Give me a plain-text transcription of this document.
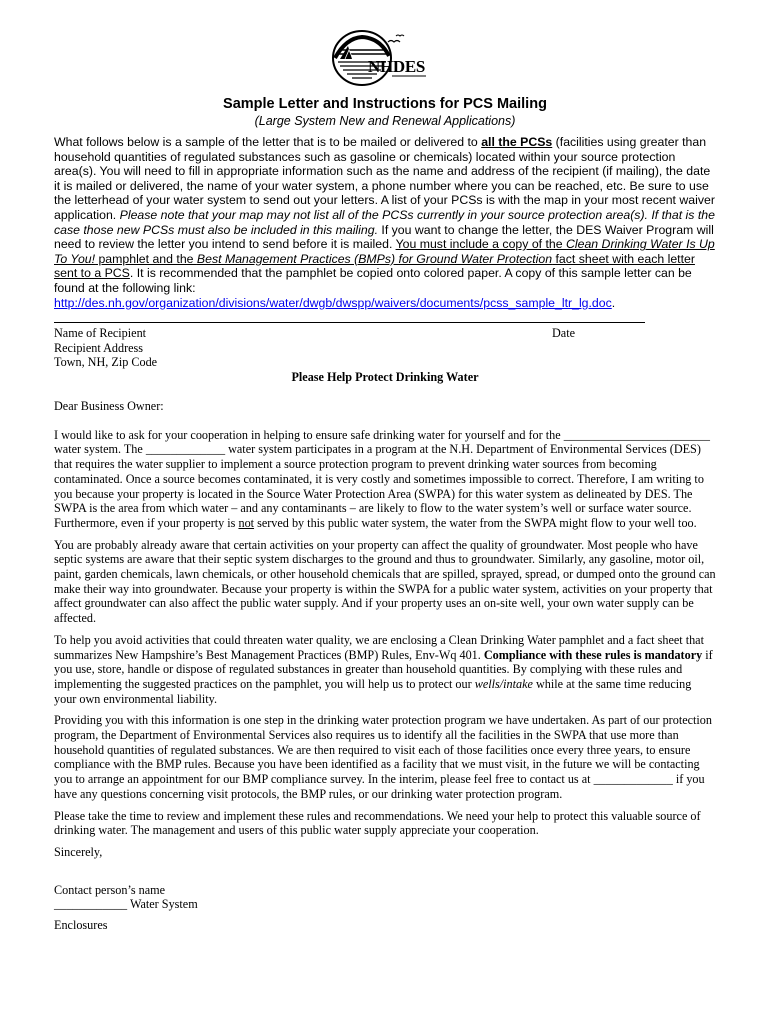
NHDES
Sample Letter and Instructions for PCS Mailing
(Large System New and Renewal Applications)

What follows below is a sample of the letter that is to be mailed or delivered to all the PCSs (facilities using greater than household quantities of regulated substances such as gasoline or chemicals) located within your source protection area(s). You will need to fill in appropriate information such as the name and address of the recipient (if mailing), the date it is mailed or delivered, the name of your water system, a phone number where you can be reached, etc. Be sure to use the letterhead of your water system to send out your letters. A list of your PCSs is with the map in your most recent waiver application. Please note that your map may not list all of the PCSs currently in your source protection area(s). If that is the case those new PCSs must also be included in this mailing. If you want to change the letter, the DES Waiver Program will need to review the letter you intend to send before it is mailed. You must include a copy of the Clean Drinking Water Is Up To You! pamphlet and the Best Management Practices (BMPs) for Ground Water Protection fact sheet with each letter sent to a PCS. It is recommended that the pamphlet be copied onto colored paper. A copy of this sample letter can be found at the following link: http://des.nh.gov/organization/divisions/water/dwgb/dwspp/waivers/documents/pcss_sample_ltr_lg.doc.

Name of Recipient
Recipient Address
Town, NH, Zip Code
Date
Please Help Protect Drinking Water

Dear Business Owner:

I would like to ask for your cooperation in helping to ensure safe drinking water for yourself and for the ________________________ water system. The _____________ water system participates in a program at the N.H. Department of Environmental Services (DES) that requires the water supplier to implement a source protection program to prevent drinking water sources from becoming contaminated. Once a source becomes contaminated, it is very costly and sometimes impossible to correct. Therefore, I am writing to you because your property is located in the Source Water Protection Area (SWPA) for this water system as delineated by DES. The SWPA is the area from which water – and any contaminants – are likely to flow to the water system’s well or surface water source. Furthermore, even if your property is not served by this public water system, the water from the SWPA might flow to your well too.

You are probably already aware that certain activities on your property can affect the quality of groundwater. Most people who have septic systems are aware that their septic system discharges to the ground and thus to groundwater. Similarly, any gasoline, motor oil, paint, garden chemicals, lawn chemicals, or other household chemicals that are spilled, sprayed, spread, or dumped onto the ground can make their way into groundwater. Because your property is within the SWPA for a public water system, activities on your property that affect groundwater can also affect the public water supply. And if your property uses an on-site well, your own water supply can be affected.

To help you avoid activities that could threaten water quality, we are enclosing a Clean Drinking Water pamphlet and a fact sheet that summarizes New Hampshire’s Best Management Practices (BMP) Rules, Env-Wq 401. Compliance with these rules is mandatory if you use, store, handle or dispose of regulated substances in greater than household quantities. By complying with these rules and implementing the suggested practices on the pamphlet, you will help us to protect our wells/intake while at the same time reducing your own environmental liability.

Providing you with this information is one step in the drinking water protection program we have undertaken. As part of our protection program, the Department of Environmental Services also requires us to identify all the facilities in the SWPA that use more than household quantities of regulated substances. We are then required to visit each of those facilities once every three years, to ensure compliance with the BMP rules. Because you have been identified as a facility that we must visit, in the future we will be contacting you to arrange an appointment for our BMP compliance survey. In the interim, please feel free to contact us at _____________ if you have any questions concerning visit protocols, the BMP rules, or our drinking water protection program.

Please take the time to review and implement these rules and recommendations. We need your help to protect this valuable source of drinking water. The management and users of this public water supply appreciate your cooperation.

Sincerely,

Contact person’s name

____________ Water System

Enclosures
